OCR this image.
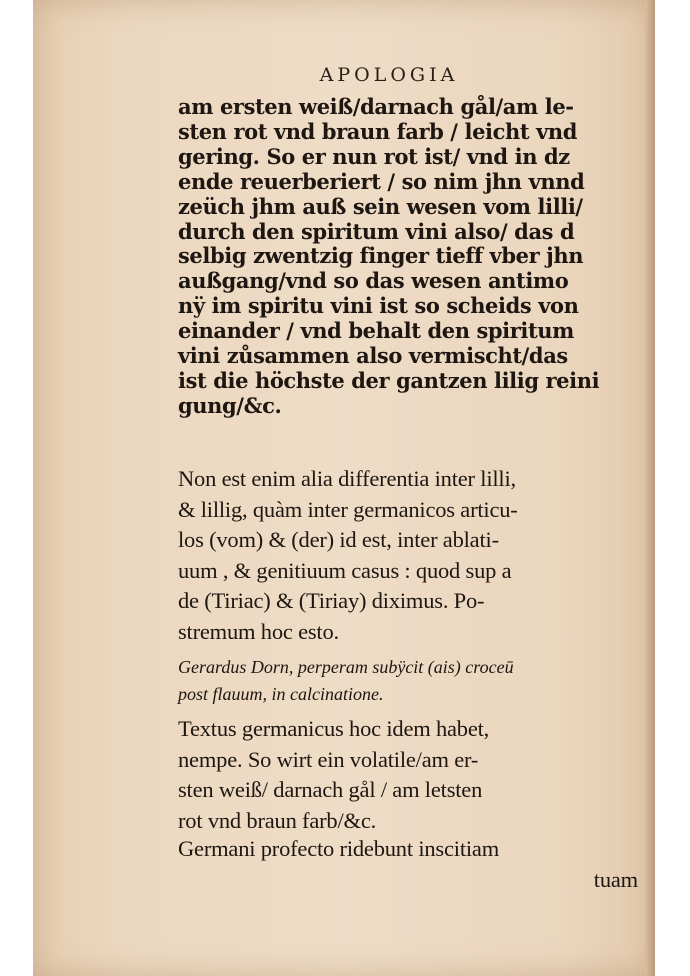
APOLOGIA
am ersten weiß/darnach gål/am le-
sten rot vnd braun farb / leicht vnd
gering. So er nun rot ist/ vnd in dz
ende reuerberiert / so nim jhn vnnd
zeüch jhm auß sein wesen vom lilli/
durch den spiritum vini also/ das d
selbig zwentzig finger tieff vber jhn
außgang/vnd so das wesen antimo
nÿ im spiritu vini ist so scheids von
einander / vnd behalt den spiritum
vini zůsammen also vermischt/das
ist die höchste der gantzen lilig reini
gung/&c.
Non est enim alia differentia inter lilli,
& lillig, quàm inter germanicos articu-
los (vom) & (der) id est, inter ablati-
uum , & genitiuum casus : quod sup a
de (Tiriac) & (Tiriay) diximus. Po-
stremum hoc esto.
Gerardus Dorn, perperam subÿcit (ais) croceū
post flauum, in calcinatione.
Textus germanicus hoc idem habet,
nempe. So wirt ein volatile/am er-
sten weiß/ darnach gål / am letsten
rot vnd braun farb/&c.
Germani profecto ridebunt inscitiam
tuam
